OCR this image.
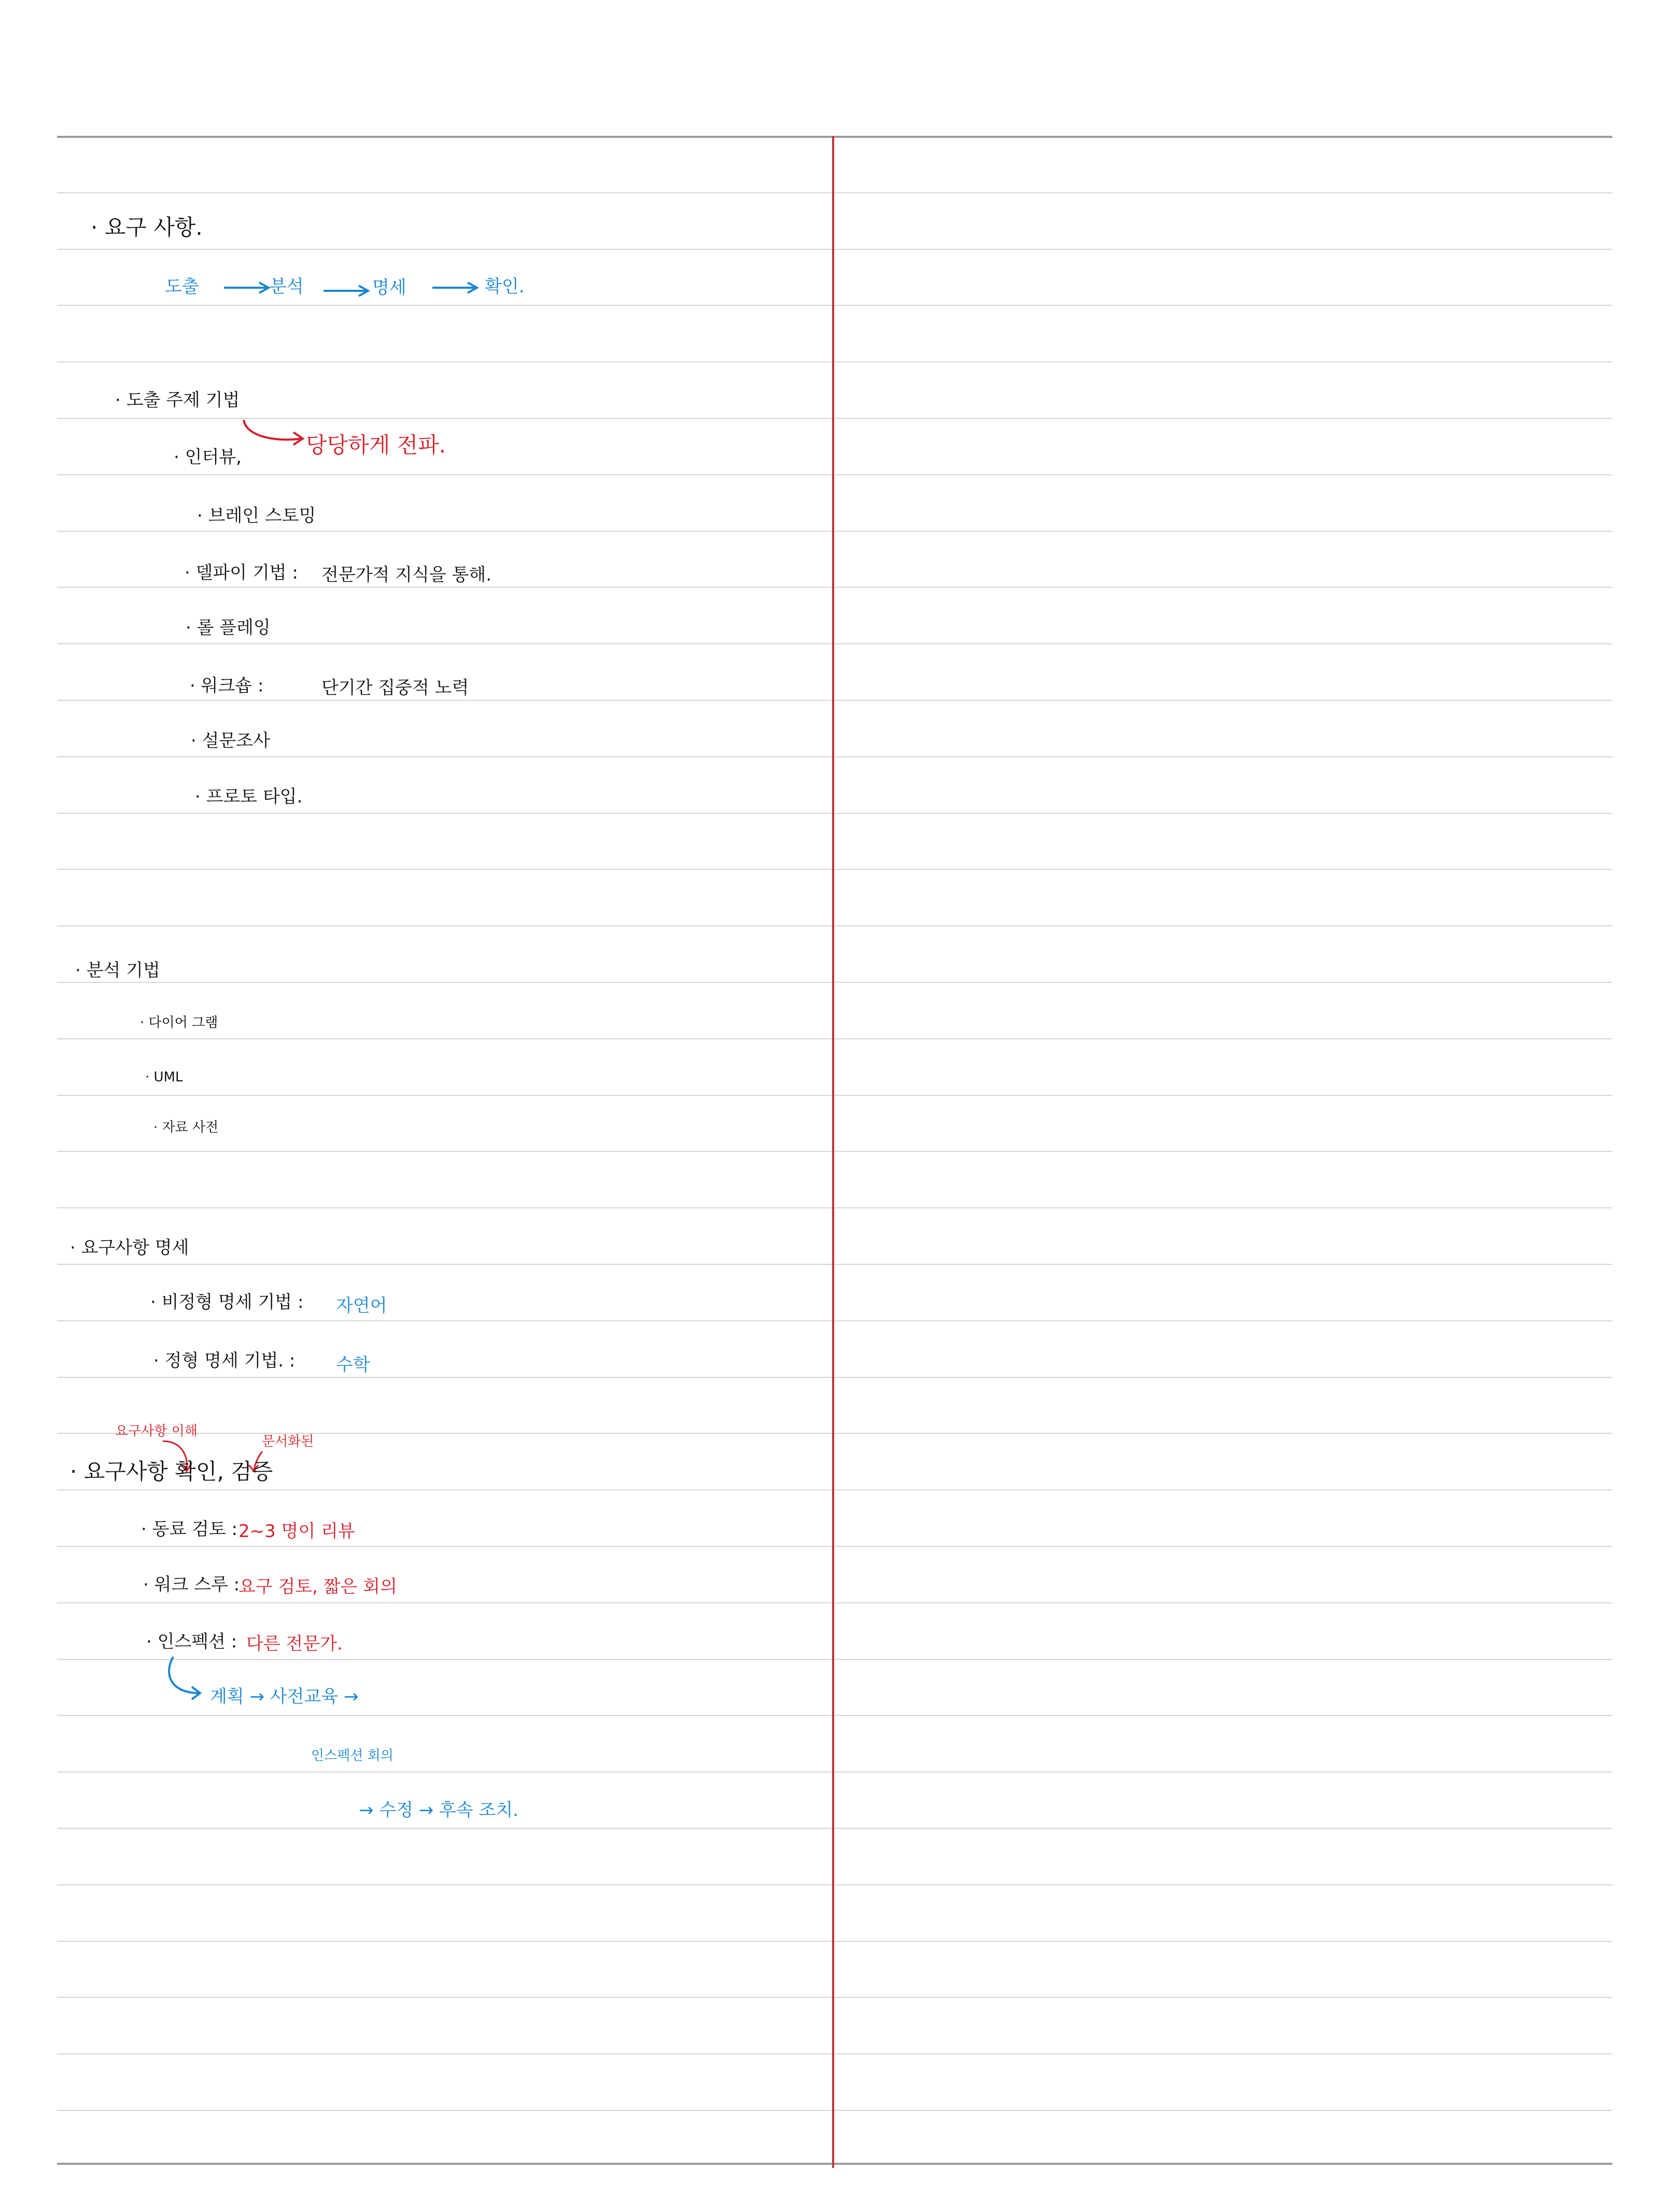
· 요구 사항.
도출	분석	명세	확인.
· 도출 주제 기법
당당하게 전파.
· 인터뷰,
· 브레인 스토밍
· 델파이 기법 : 전문가적 지식을 통해.
· 롤 플레잉
· 워크숍 :	단기간 집중적 노력
· 설문조사
· 프로토 타입.
· 분석 기법
· 다이어 그램
· UML
· 자료 사전
· 요구사항 명세
· 비정형 명세 기법 : 자연어
· 정형 명세 기법. : 수학
요구사항 이해
문서화된
· 요구사항 확인, 검증
· 동료 검토 : 2~3 명이 리뷰
· 워크 스루 :
요구 검토, 짧은 회의
· 인스펙션 : 다른 전문가.
계획 → 사전교육 →
인스펙션 회의
→ 수정 → 후속 조치.
